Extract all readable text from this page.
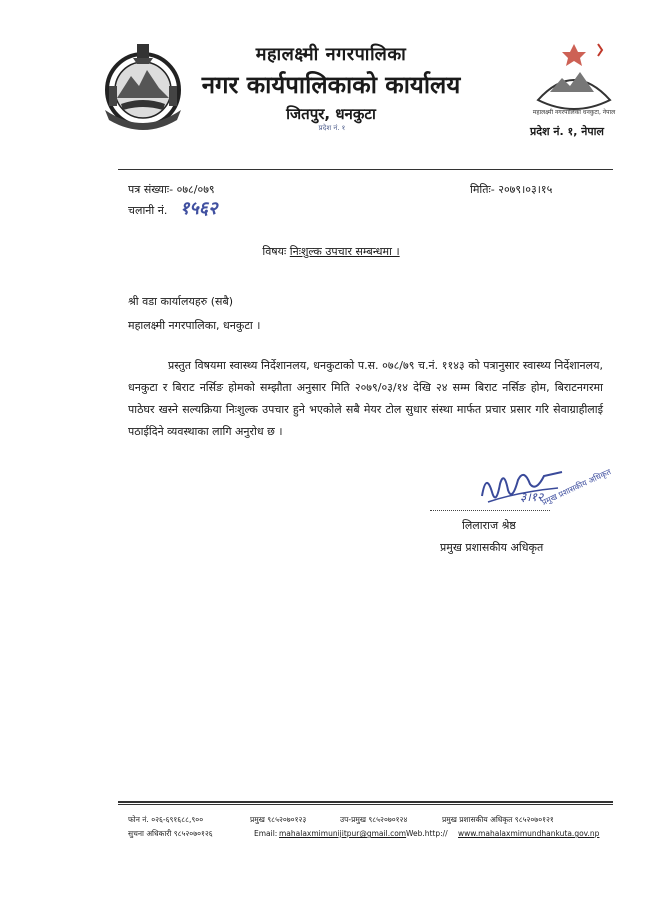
महालक्ष्मी नगरपालिका
नगर कार्यपालिकाको कार्यालय
जितपुर, धनकुटा
प्रदेश नं. १
महालक्ष्मी नगरपालिका धनकुटा, नेपाल
प्रदेश नं. १, नेपाल
पत्र संख्याः- ०७८/०७९
चलानी नं. १५६२
मितिः- २०७९।०३।१५
विषयः निःशुल्क उपचार सम्बन्धमा ।
श्री वडा कार्यालयहरु (सबै)
महालक्ष्मी नगरपालिका, धनकुटा ।
प्रस्तुत विषयमा स्वास्थ्य निर्देशानलय, धनकुटाको प.स. ०७८/७९ च.नं. ११४३ को पत्रानुसार स्वास्थ्य निर्देशानलय, धनकुटा र बिराट नर्सिङ होमको सम्झौता अनुसार मिति २०७९/०३/१४ देखि २४ सम्म बिराट नर्सिङ होम, बिराटनगरमा पाठेघर खस्ने सल्यक्रिया निःशुल्क उपचार हुने भएकोले सबै मेयर टोल सुधार संस्था मार्फत प्रचार प्रसार गरि सेवाग्राहीलाई पठाईदिने व्यवस्थाका लागि अनुरोध छ ।
३।१२
प्रमुख प्रशासकीय अधिकृत
लिलाराज श्रेष्ठ
प्रमुख प्रशासकीय अधिकृत
फोन नं. ०२६-६९१६८८,९००	प्रमुख ९८५२०७०१२३	उप-प्रमुख ९८५२०७०१२४	प्रमुख प्रशासकीय अधिकृत ९८५२०७०१२१
सुचना अधिकारी ९८५२०७०१२६	Email: mahalaxmimunijitpur@gmail.com Web.http:// www.mahalaxmimundhankuta.gov.np
